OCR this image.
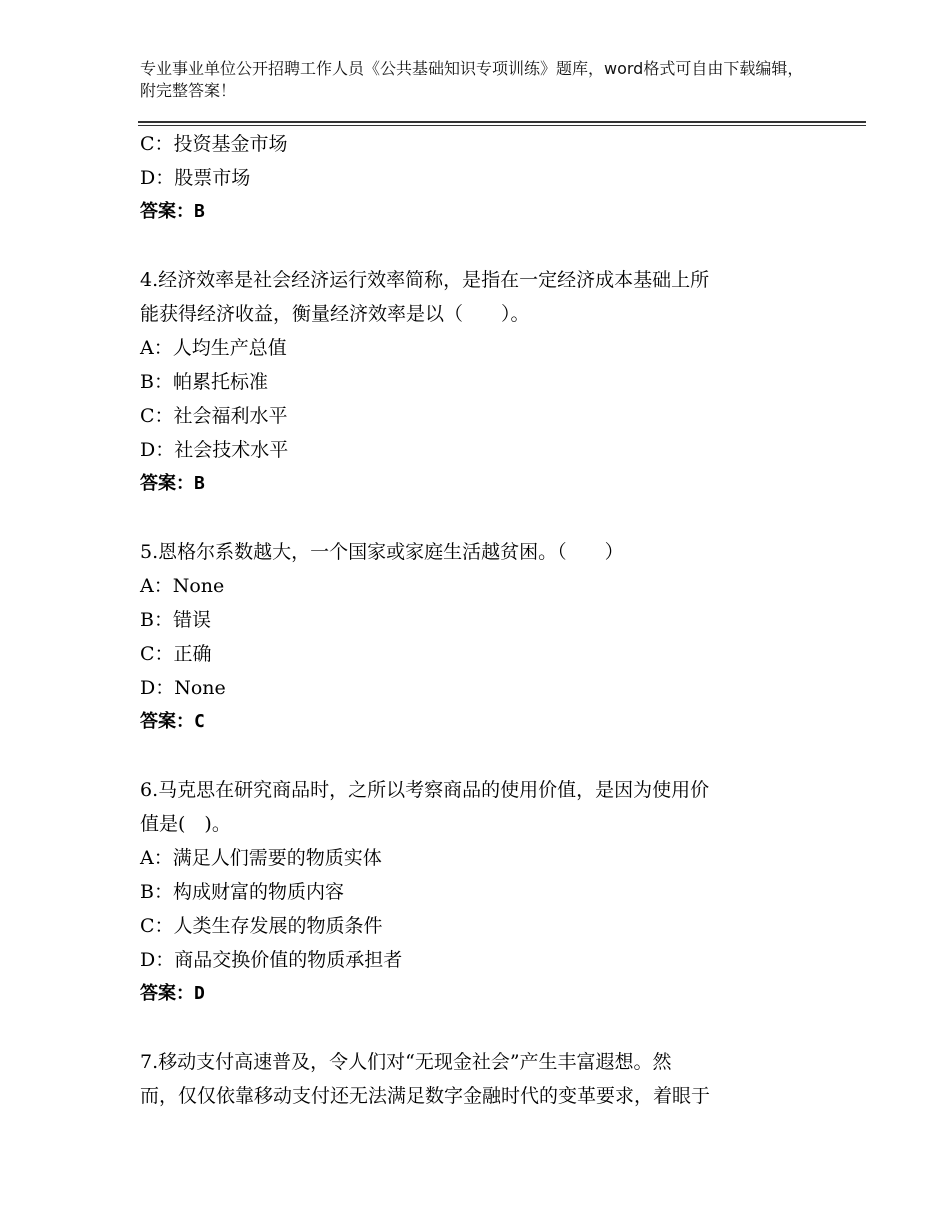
专业事业单位公开招聘工作人员《公共基础知识专项训练》题库，word格式可自由下载编辑，附完整答案！
C：投资基金市场
D：股票市场
答案：B
4.经济效率是社会经济运行效率简称，是指在一定经济成本基础上所
能获得经济收益，衡量经济效率是以（　　）。
A：人均生产总值
B：帕累托标准
C：社会福利水平
D：社会技术水平
答案：B
5.恩格尔系数越大，一个国家或家庭生活越贫困。（　　）
A：None
B：错误
C：正确
D：None
答案：C
6.马克思在研究商品时，之所以考察商品的使用价值，是因为使用价
值是(　)。
A：满足人们需要的物质实体
B：构成财富的物质内容
C：人类生存发展的物质条件
D：商品交换价值的物质承担者
答案：D
7.移动支付高速普及，令人们对“无现金社会”产生丰富遐想。然
而，仅仅依靠移动支付还无法满足数字金融时代的变革要求，着眼于
